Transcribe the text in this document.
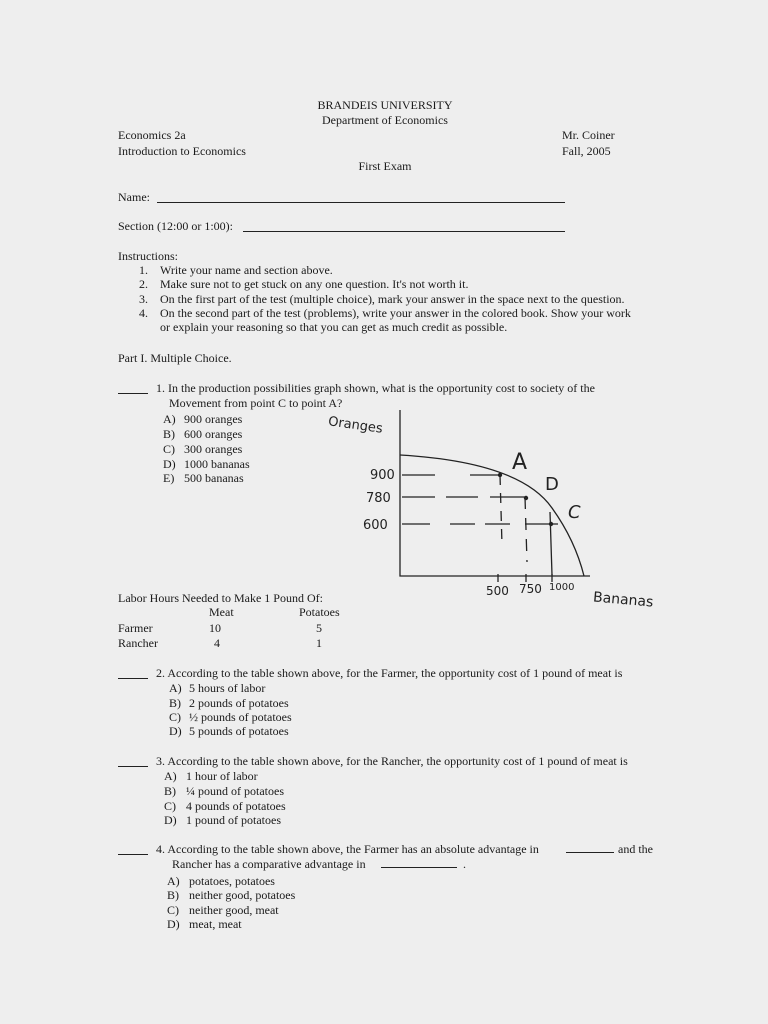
BRANDEIS UNIVERSITY
Department of Economics
Economics 2a
Introduction to Economics
Mr. Coiner
Fall, 2005
First Exam
Name:
Section (12:00 or 1:00):
Instructions:
1. Write your name and section above.
2. Make sure not to get stuck on any one question. It's not worth it.
3. On the first part of the test (multiple choice), mark your answer in the space next to the question.
4. On the second part of the test (problems), write your answer in the colored book. Show your work
or explain your reasoning so that you can get as much credit as possible.
Part I. Multiple Choice.
1. In the production possibilities graph shown, what is the opportunity cost to society of the
Movement from point C to point A?
A) 900 oranges
B) 600 oranges
C) 300 oranges
D) 1000 bananas
E) 500 bananas
Oranges
900
780
600
A
D
C
500 750 1000
Bananas
Labor Hours Needed to Make 1 Pound Of:
Meat	Potatoes
Farmer	10	5
Rancher	4	1
2. According to the table shown above, for the Farmer, the opportunity cost of 1 pound of meat is
A) 5 hours of labor
B) 2 pounds of potatoes
C) ½ pounds of potatoes
D) 5 pounds of potatoes
3. According to the table shown above, for the Rancher, the opportunity cost of 1 pound of meat is
A) 1 hour of labor
B) ¼ pound of potatoes
C) 4 pounds of potatoes
D) 1 pound of potatoes
4. According to the table shown above, the Farmer has an absolute advantage in	and the
Rancher has a comparative advantage in	.
A) potatoes, potatoes
B) neither good, potatoes
C) neither good, meat
D) meat, meat
